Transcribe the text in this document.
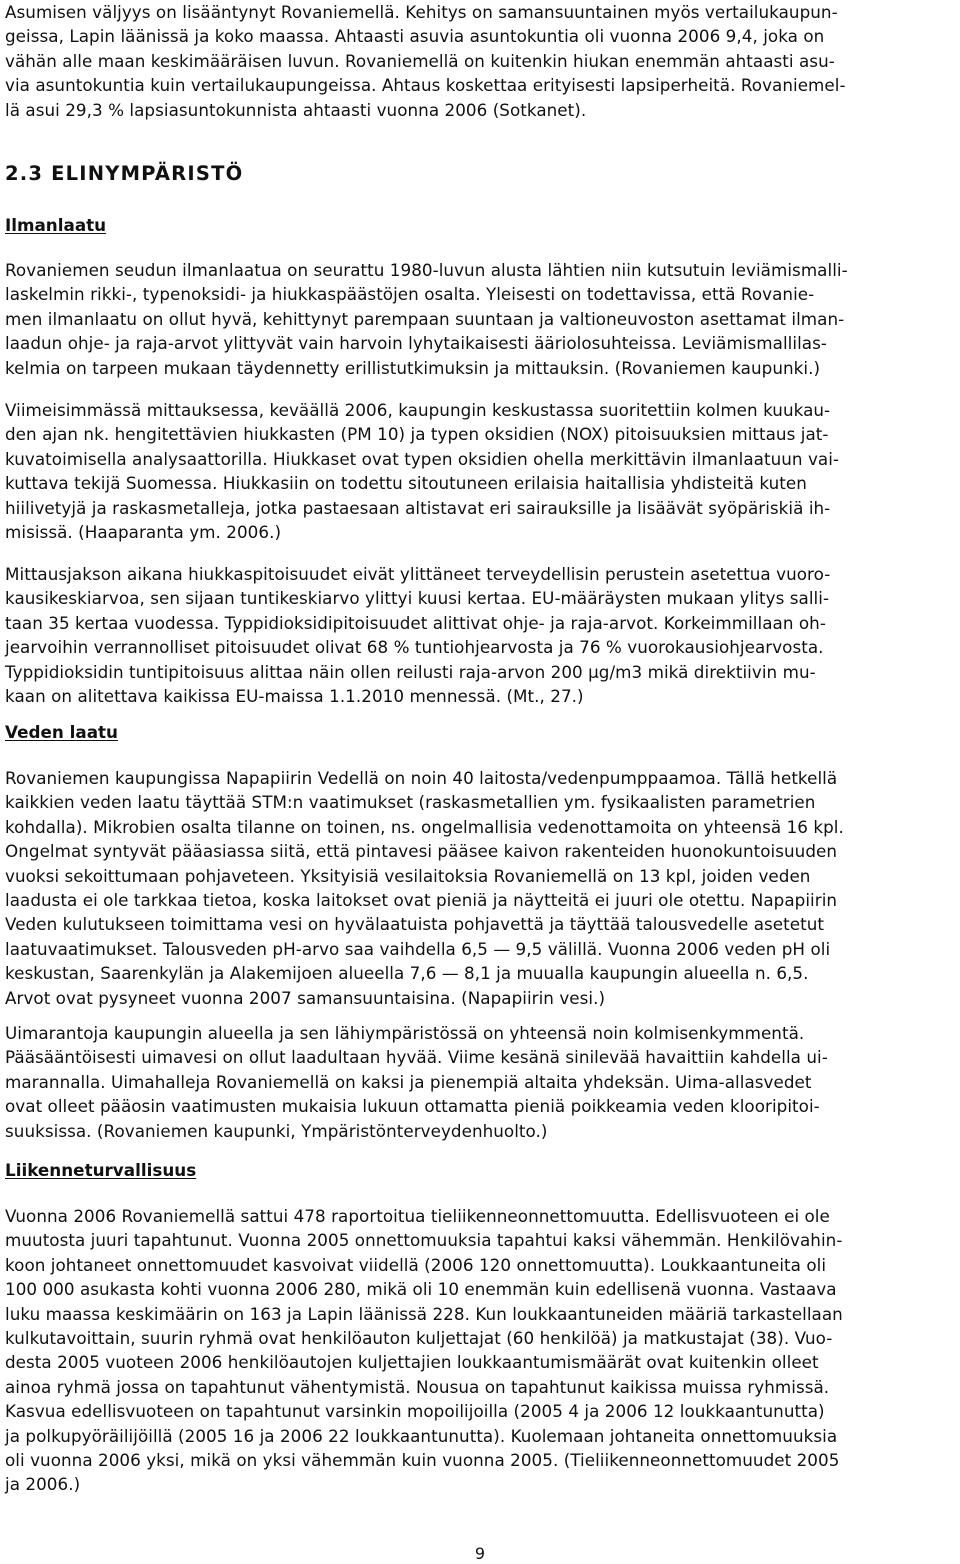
Asumisen väljyys on lisääntynyt Rovaniemellä. Kehitys on samansuuntainen myös vertailukaupun-
geissa, Lapin läänissä ja koko maassa. Ahtaasti asuvia asuntokuntia oli vuonna 2006 9,4, joka on
vähän alle maan keskimääräisen luvun. Rovaniemellä on kuitenkin hiukan enemmän ahtaasti asu-
via asuntokuntia kuin vertailukaupungeissa. Ahtaus koskettaa erityisesti lapsiperheitä. Rovaniemel-
lä asui 29,3 % lapsiasuntokunnista ahtaasti vuonna 2006 (Sotkanet).

2.3 ELINYMPÄRISTÖ
Ilmanlaatu

Rovaniemen seudun ilmanlaatua on seurattu 1980-luvun alusta lähtien niin kutsutuin leviämismalli-
laskelmin rikki-, typenoksidi- ja hiukkaspäästöjen osalta. Yleisesti on todettavissa, että Rovanie-
men ilmanlaatu on ollut hyvä, kehittynyt parempaan suuntaan ja valtioneuvoston asettamat ilman-
laadun ohje- ja raja-arvot ylittyvät vain harvoin lyhytaikaisesti ääriolosuhteissa. Leviämismallilas-
kelmia on tarpeen mukaan täydennetty erillistutkimuksin ja mittauksin. (Rovaniemen kaupunki.)

Viimeisimmässä mittauksessa, keväällä 2006, kaupungin keskustassa suoritettiin kolmen kuukau-
den ajan nk. hengitettävien hiukkasten (PM 10) ja typen oksidien (NOX) pitoisuuksien mittaus jat-
kuvatoimisella analysaattorilla. Hiukkaset ovat typen oksidien ohella merkittävin ilmanlaatuun vai-
kuttava tekijä Suomessa. Hiukkasiin on todettu sitoutuneen erilaisia haitallisia yhdisteitä kuten
hiilivetyjä ja raskasmetalleja, jotka pastaesaan altistavat eri sairauksille ja lisäävät syöpäriskiä ih-
misissä. (Haaparanta ym. 2006.)

Mittausjakson aikana hiukkaspitoisuudet eivät ylittäneet terveydellisin perustein asetettua vuoro-
kausikeskiarvoa, sen sijaan tuntikeskiarvo ylittyi kuusi kertaa. EU-määräysten mukaan ylitys salli-
taan 35 kertaa vuodessa. Typpidioksidipitoisuudet alittivat ohje- ja raja-arvot. Korkeimmillaan oh-
jearvoihin verrannolliset pitoisuudet olivat 68 % tuntiohjearvosta ja 76 % vuorokausiohjearvosta.
Typpidioksidin tuntipitoisuus alittaa näin ollen reilusti raja-arvon 200 μg/m3 mikä direktiivin mu-
kaan on alitettava kaikissa EU-maissa 1.1.2010 mennessä. (Mt., 27.)

Veden laatu

Rovaniemen kaupungissa Napapiirin Vedellä on noin 40 laitosta/vedenpumppaamoa. Tällä hetkellä
kaikkien veden laatu täyttää STM:n vaatimukset (raskasmetallien ym. fysikaalisten parametrien
kohdalla). Mikrobien osalta tilanne on toinen, ns. ongelmallisia vedenottamoita on yhteensä 16 kpl.
Ongelmat syntyvät pääasiassa siitä, että pintavesi pääsee kaivon rakenteiden huonokuntoisuuden
vuoksi sekoittumaan pohjaveteen. Yksityisiä vesilaitoksia Rovaniemellä on 13 kpl, joiden veden
laadusta ei ole tarkkaa tietoa, koska laitokset ovat pieniä ja näytteitä ei juuri ole otettu. Napapiirin
Veden kulutukseen toimittama vesi on hyvälaatuista pohjavettä ja täyttää talousvedelle asetetut
laatuvaatimukset. Talousveden pH-arvo saa vaihdella 6,5 — 9,5 välillä. Vuonna 2006 veden pH oli
keskustan, Saarenkylän ja Alakemijoen alueella 7,6 — 8,1 ja muualla kaupungin alueella n. 6,5.
Arvot ovat pysyneet vuonna 2007 samansuuntaisina. (Napapiirin vesi.)

Uimarantoja kaupungin alueella ja sen lähiympäristössä on yhteensä noin kolmisenkymmentä.
Pääsääntöisesti uimavesi on ollut laadultaan hyvää. Viime kesänä sinilevää havaittiin kahdella ui-
marannalla. Uimahalleja Rovaniemellä on kaksi ja pienempiä altaita yhdeksän. Uima-allasvedet
ovat olleet pääosin vaatimusten mukaisia lukuun ottamatta pieniä poikkeamia veden klooripitoi-
suuksissa. (Rovaniemen kaupunki, Ympäristönterveydenhuolto.)

Liikenneturvallisuus

Vuonna 2006 Rovaniemellä sattui 478 raportoitua tieliikenneonnettomuutta. Edellisvuoteen ei ole
muutosta juuri tapahtunut. Vuonna 2005 onnettomuuksia tapahtui kaksi vähemmän. Henkilövahin-
koon johtaneet onnettomuudet kasvoivat viidellä (2006 120 onnettomuutta). Loukkaantuneita oli
100 000 asukasta kohti vuonna 2006 280, mikä oli 10 enemmän kuin edellisenä vuonna. Vastaava
luku maassa keskimäärin on 163 ja Lapin läänissä 228. Kun loukkaantuneiden määriä tarkastellaan
kulkutavoittain, suurin ryhmä ovat henkilöauton kuljettajat (60 henkilöä) ja matkustajat (38). Vuo-
desta 2005 vuoteen 2006 henkilöautojen kuljettajien loukkaantumismäärät ovat kuitenkin olleet
ainoa ryhmä jossa on tapahtunut vähentymistä. Nousua on tapahtunut kaikissa muissa ryhmissä.
Kasvua edellisvuoteen on tapahtunut varsinkin mopoilijoilla (2005 4 ja 2006 12 loukkaantunutta)
ja polkupyöräilijöillä (2005 16 ja 2006 22 loukkaantunutta). Kuolemaan johtaneita onnettomuuksia
oli vuonna 2006 yksi, mikä on yksi vähemmän kuin vuonna 2005. (Tieliikenneonnettomuudet 2005
ja 2006.)

9
